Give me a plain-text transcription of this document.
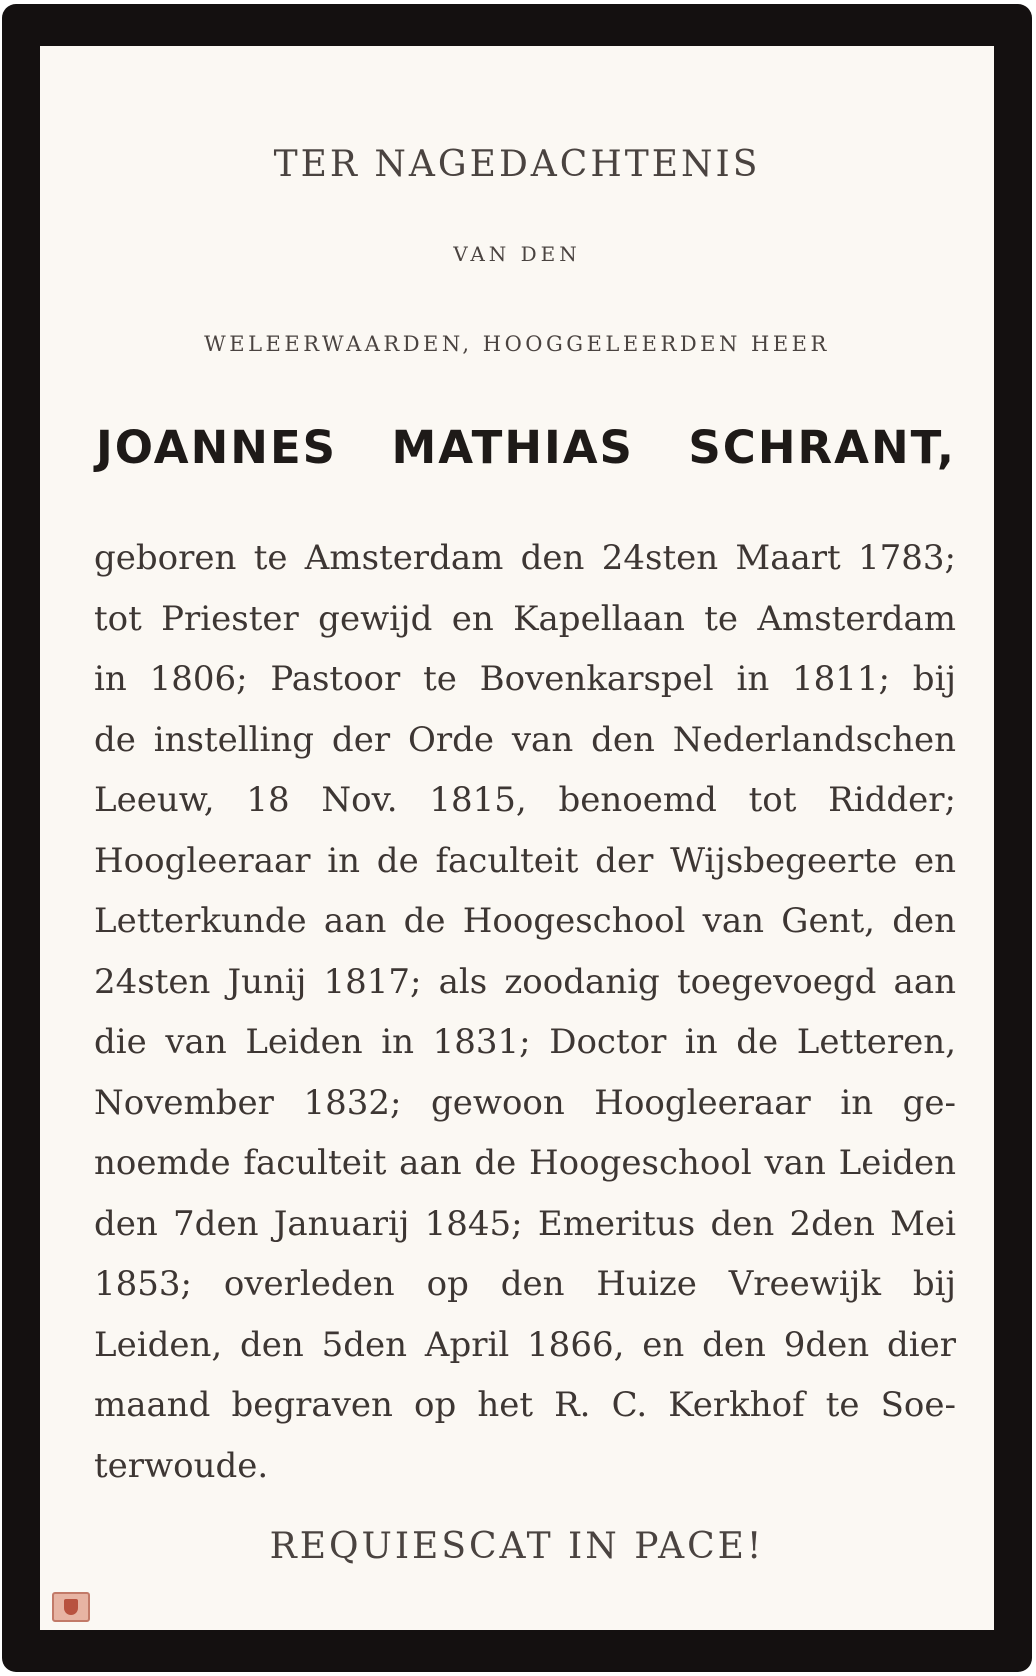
TER NAGEDACHTENIS
VAN DEN
WELEERWAARDEN, HOOGGELEERDEN HEER
JOANNES MATHIAS SCHRANT,
geboren te Amsterdam den 24sten Maart 1783;
tot Priester gewijd en Kapellaan te Amsterdam
in 1806; Pastoor te Bovenkarspel in 1811; bij
de instelling der Orde van den Nederlandschen
Leeuw, 18 Nov. 1815, benoemd tot Ridder;
Hoogleeraar in de faculteit der Wijsbegeerte en
Letterkunde aan de Hoogeschool van Gent, den
24sten Junij 1817; als zoodanig toegevoegd aan
die van Leiden in 1831; Doctor in de Letteren,
November 1832; gewoon Hoogleeraar in ge-
noemde faculteit aan de Hoogeschool van Leiden
den 7den Januarij 1845; Emeritus den 2den Mei
1853; overleden op den Huize Vreewijk bij
Leiden, den 5den April 1866, en den 9den dier
maand begraven op het R. C. Kerkhof te Soe-
terwoude.
REQUIESCAT IN PACE!
